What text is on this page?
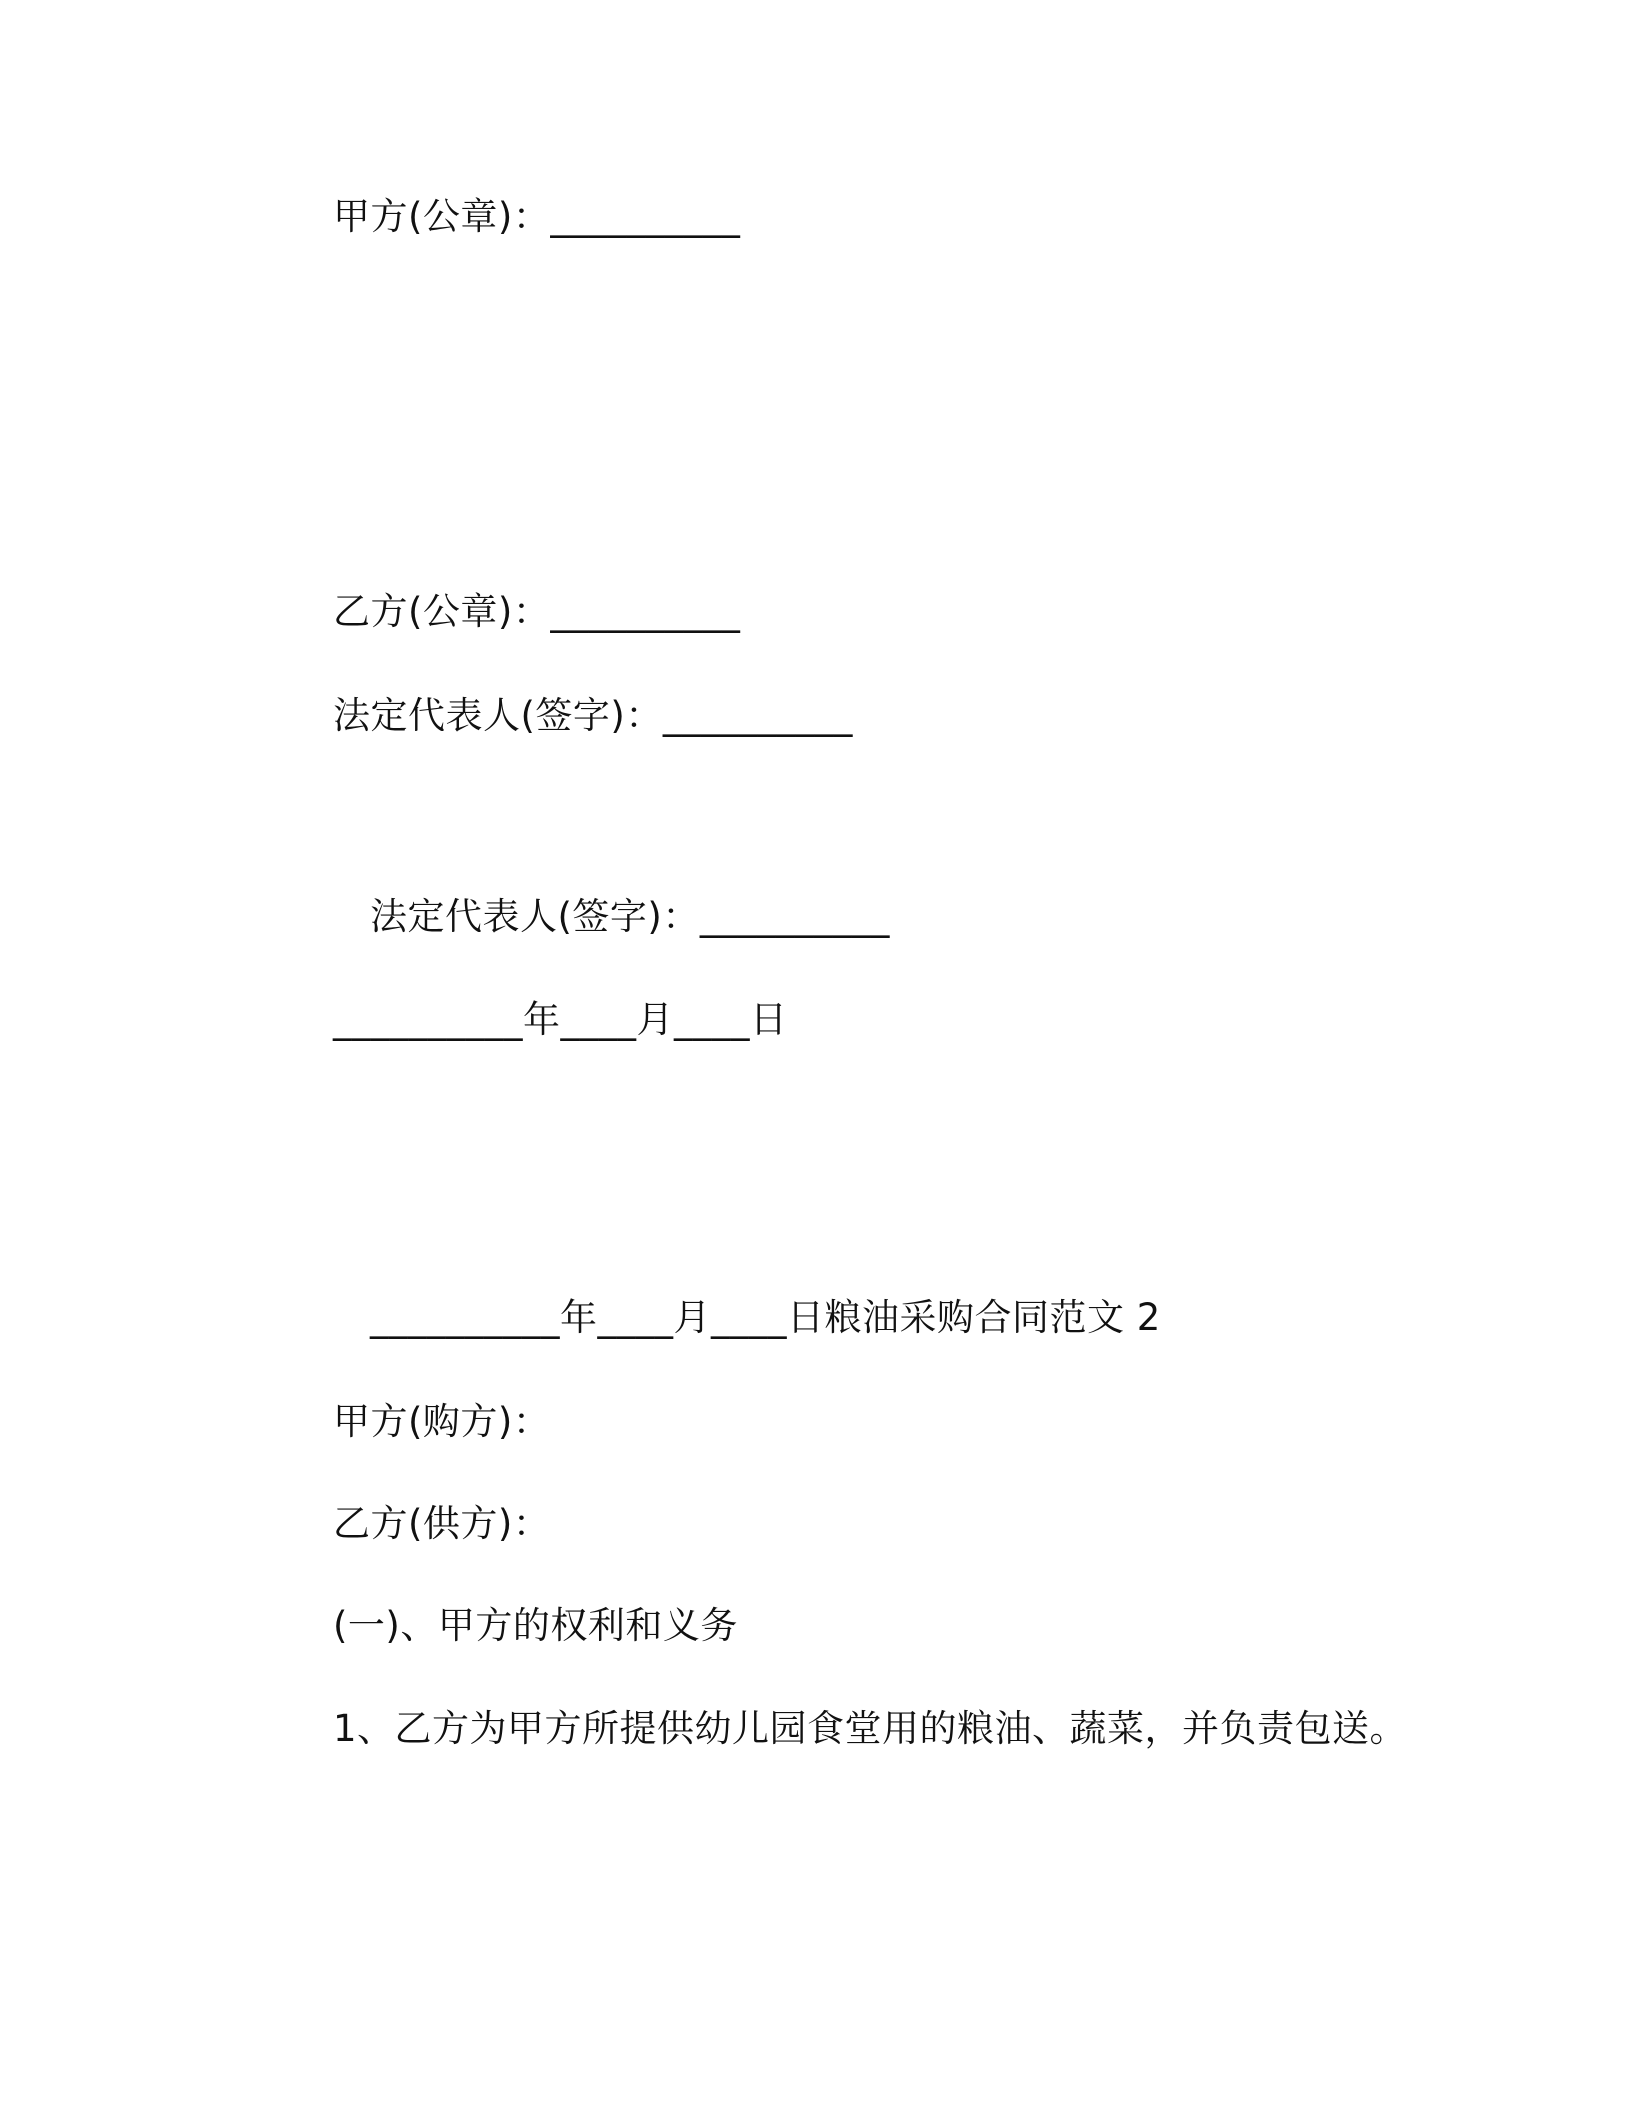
甲方(公章)：__________
乙方(公章)：__________
法定代表人(签字)：__________
法定代表人(签字)：__________
__________年____月____日
__________年____月____日粮油采购合同范文 2
甲方(购方)：
乙方(供方)：
(一)、甲方的权利和义务
1、乙方为甲方所提供幼儿园食堂用的粮油、蔬菜，并负责包送。
